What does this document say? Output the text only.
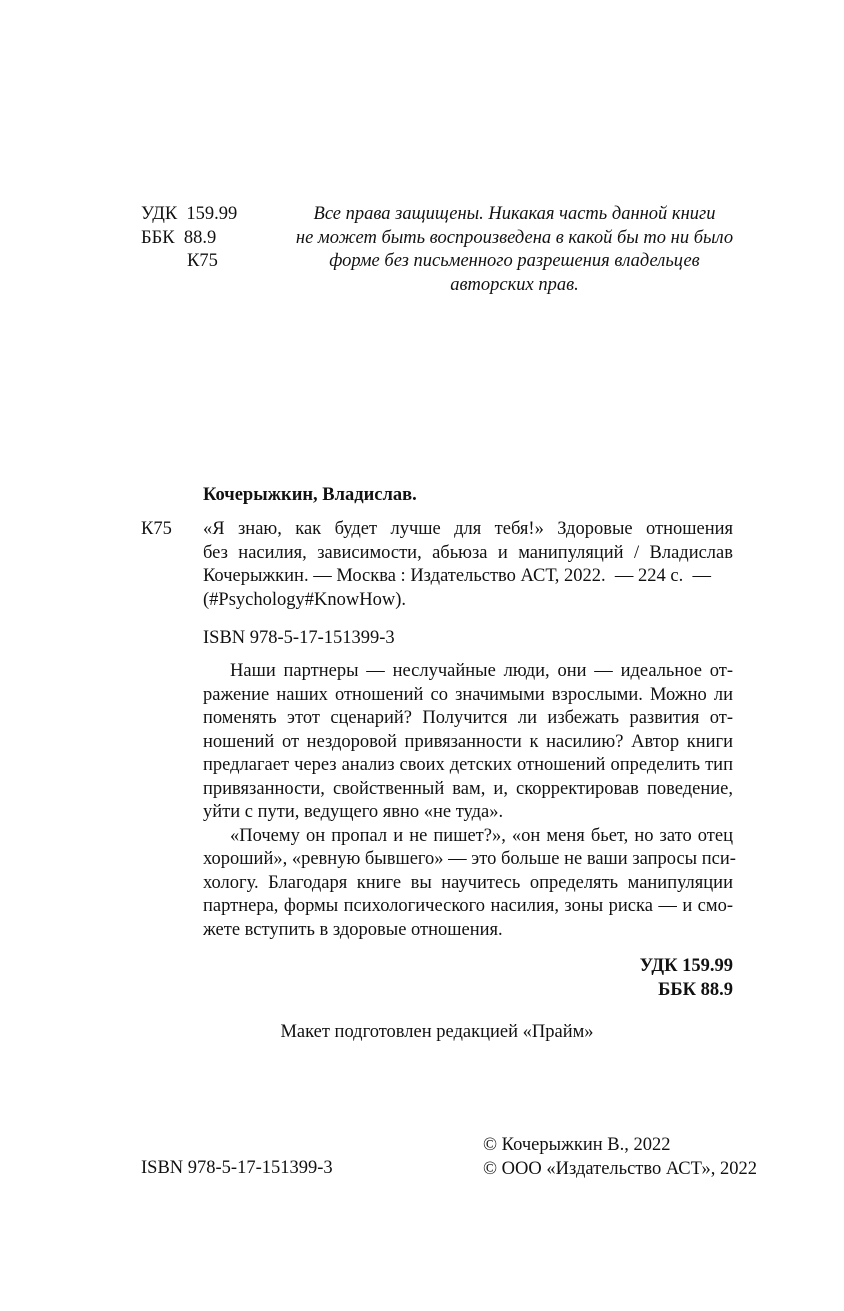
УДК  159.99
ББК  88.9
К75
Все права защищены. Никакая часть данной книги
не может быть воспроизведена в какой бы то ни было
форме без письменного разрешения владельцев
авторских прав.
Кочерыжкин, Владислав.
К75 «Я знаю, как будет лучше для тебя!» Здоровые отношения
без насилия, зависимости, абьюза и манипуляций / Владислав
Кочерыжкин. — Москва : Издательство АСТ, 2022.  — 224 с.  —
(#Psychology#KnowHow).
ISBN 978-5-17-151399-3
Наши партнеры — неслучайные люди, они — идеальное от-
ражение наших отношений со значимыми взрослыми. Можно ли
поменять этот сценарий? Получится ли избежать развития от-
ношений от нездоровой привязанности к насилию? Автор книги
предлагает через анализ своих детских отношений определить тип
привязанности, свойственный вам, и, скорректировав поведение,
уйти с пути, ведущего явно «не туда».
«Почему он пропал и не пишет?», «он меня бьет, но зато отец
хороший», «ревную бывшего» — это больше не ваши запросы пси-
хологу. Благодаря книге вы научитесь определять манипуляции
партнера, формы психологического насилия, зоны риска — и смо-
жете вступить в здоровые отношения.
УДК 159.99
ББК 88.9
Макет подготовлен редакцией «Прайм»
© Кочерыжкин В., 2022
© ООО «Издательство АСТ», 2022
ISBN 978-5-17-151399-3
